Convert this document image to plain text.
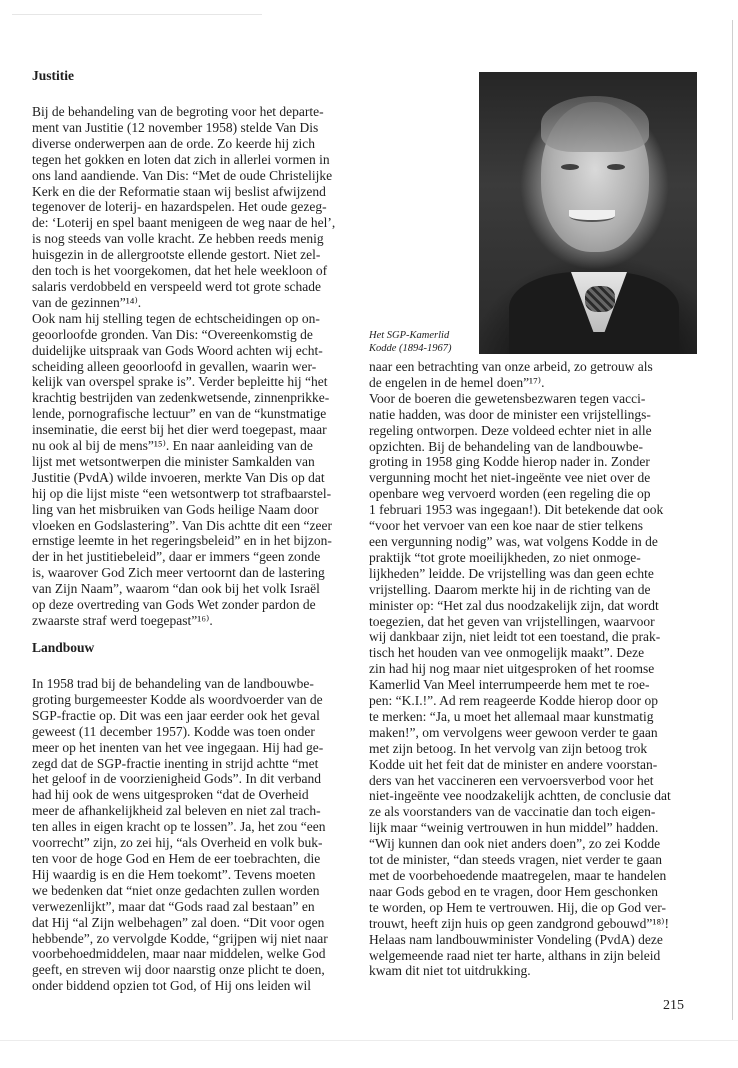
Justitie

Bij de behandeling van de begroting voor het departe-
ment van Justitie (12 november 1958) stelde Van Dis
diverse onderwerpen aan de orde. Zo keerde hij zich
tegen het gokken en loten dat zich in allerlei vormen in
ons land aandiende. Van Dis: “Met de oude Christelijke
Kerk en die der Reformatie staan wij beslist afwijzend
tegenover de loterij- en hazardspelen. Het oude gezeg-
de: ‘Loterij en spel baant menigeen de weg naar de hel’,
is nog steeds van volle kracht. Ze hebben reeds menig
huisgezin in de allergrootste ellende gestort. Niet zel-
den toch is het voorgekomen, dat het hele weekloon of
salaris verdobbeld en verspeeld werd tot grote schade
van de gezinnen”¹⁴⁾.
Ook nam hij stelling tegen de echtscheidingen op on-
geoorloofde gronden. Van Dis: “Overeenkomstig de
duidelijke uitspraak van Gods Woord achten wij echt-
scheiding alleen geoorloofd in gevallen, waarin wer-
kelijk van overspel sprake is”. Verder bepleitte hij “het
krachtig bestrijden van zedenkwetsende, zinnenprikke-
lende, pornografische lectuur” en van de “kunstmatige
inseminatie, die eerst bij het dier werd toegepast, maar
nu ook al bij de mens”¹⁵⁾. En naar aanleiding van de
lijst met wetsontwerpen die minister Samkalden van
Justitie (PvdA) wilde invoeren, merkte Van Dis op dat
hij op die lijst miste “een wetsontwerp tot strafbaarstel-
ling van het misbruiken van Gods heilige Naam door
vloeken en Godslastering”. Van Dis achtte dit een “zeer
ernstige leemte in het regeringsbeleid” en in het bijzon-
der in het justitiebeleid”, daar er immers “geen zonde
is, waarover God Zich meer vertoornt dan de lastering
van Zijn Naam”, waarom “dan ook bij het volk Israël
op deze overtreding van Gods Wet zonder pardon de
zwaarste straf werd toegepast”¹⁶⁾.

Landbouw

In 1958 trad bij de behandeling van de landbouwbe-
groting burgemeester Kodde als woordvoerder van de
SGP-fractie op. Dit was een jaar eerder ook het geval
geweest (11 december 1957). Kodde was toen onder
meer op het inenten van het vee ingegaan. Hij had ge-
zegd dat de SGP-fractie inenting in strijd achtte “met
het geloof in de voorzienigheid Gods”. In dit verband
had hij ook de wens uitgesproken “dat de Overheid
meer de afhankelijkheid zal beleven en niet zal trach-
ten alles in eigen kracht op te lossen”. Ja, het zou “een
voorrecht” zijn, zo zei hij, “als Overheid en volk buk-
ten voor de hoge God en Hem de eer toebrachten, die
Hij waardig is en die Hem toekomt”. Tevens moeten
we bedenken dat “niet onze gedachten zullen worden
verwezenlijkt”, maar dat “Gods raad zal bestaan” en
dat Hij “al Zijn welbehagen” zal doen. “Dit voor ogen
hebbende”, zo vervolgde Kodde, “grijpen wij niet naar
voorbehoedmiddelen, maar naar middelen, welke God
geeft, en streven wij door naarstig onze plicht te doen,
onder biddend opzien tot God, of Hij ons leiden wil

Het SGP-Kamerlid
Kodde (1894-1967)

naar een betrachting van onze arbeid, zo getrouw als
de engelen in de hemel doen”¹⁷⁾.
Voor de boeren die gewetensbezwaren tegen vacci-
natie hadden, was door de minister een vrijstellings-
regeling ontworpen. Deze voldeed echter niet in alle
opzichten. Bij de behandeling van de landbouwbe-
groting in 1958 ging Kodde hierop nader in. Zonder
vergunning mocht het niet-ingeënte vee niet over de
openbare weg vervoerd worden (een regeling die op
1 februari 1953 was ingegaan!). Dit betekende dat ook
“voor het vervoer van een koe naar de stier telkens
een vergunning nodig” was, wat volgens Kodde in de
praktijk “tot grote moeilijkheden, zo niet onmoge-
lijkheden” leidde. De vrijstelling was dan geen echte
vrijstelling. Daarom merkte hij in de richting van de
minister op: “Het zal dus noodzakelijk zijn, dat wordt
toegezien, dat het geven van vrijstellingen, waarvoor
wij dankbaar zijn, niet leidt tot een toestand, die prak-
tisch het houden van vee onmogelijk maakt”. Deze
zin had hij nog maar niet uitgesproken of het roomse
Kamerlid Van Meel interrumpeerde hem met te roe-
pen: “K.I.!”. Ad rem reageerde Kodde hierop door op
te merken: “Ja, u moet het allemaal maar kunstmatig
maken!”, om vervolgens weer gewoon verder te gaan
met zijn betoog. In het vervolg van zijn betoog trok
Kodde uit het feit dat de minister en andere voorstan-
ders van het vaccineren een vervoersverbod voor het
niet-ingeënte vee noodzakelijk achtten, de conclusie dat
ze als voorstanders van de vaccinatie dan toch eigen-
lijk maar “weinig vertrouwen in hun middel” hadden.
“Wij kunnen dan ook niet anders doen”, zo zei Kodde
tot de minister, “dan steeds vragen, niet verder te gaan
met de voorbehoedende maatregelen, maar te handelen
naar Gods gebod en te vragen, door Hem geschonken
te worden, op Hem te vertrouwen. Hij, die op God ver-
trouwt, heeft zijn huis op geen zandgrond gebouwd”¹⁸⁾!
Helaas nam landbouwminister Vondeling (PvdA) deze
welgemeende raad niet ter harte, althans in zijn beleid
kwam dit niet tot uitdrukking.

215
